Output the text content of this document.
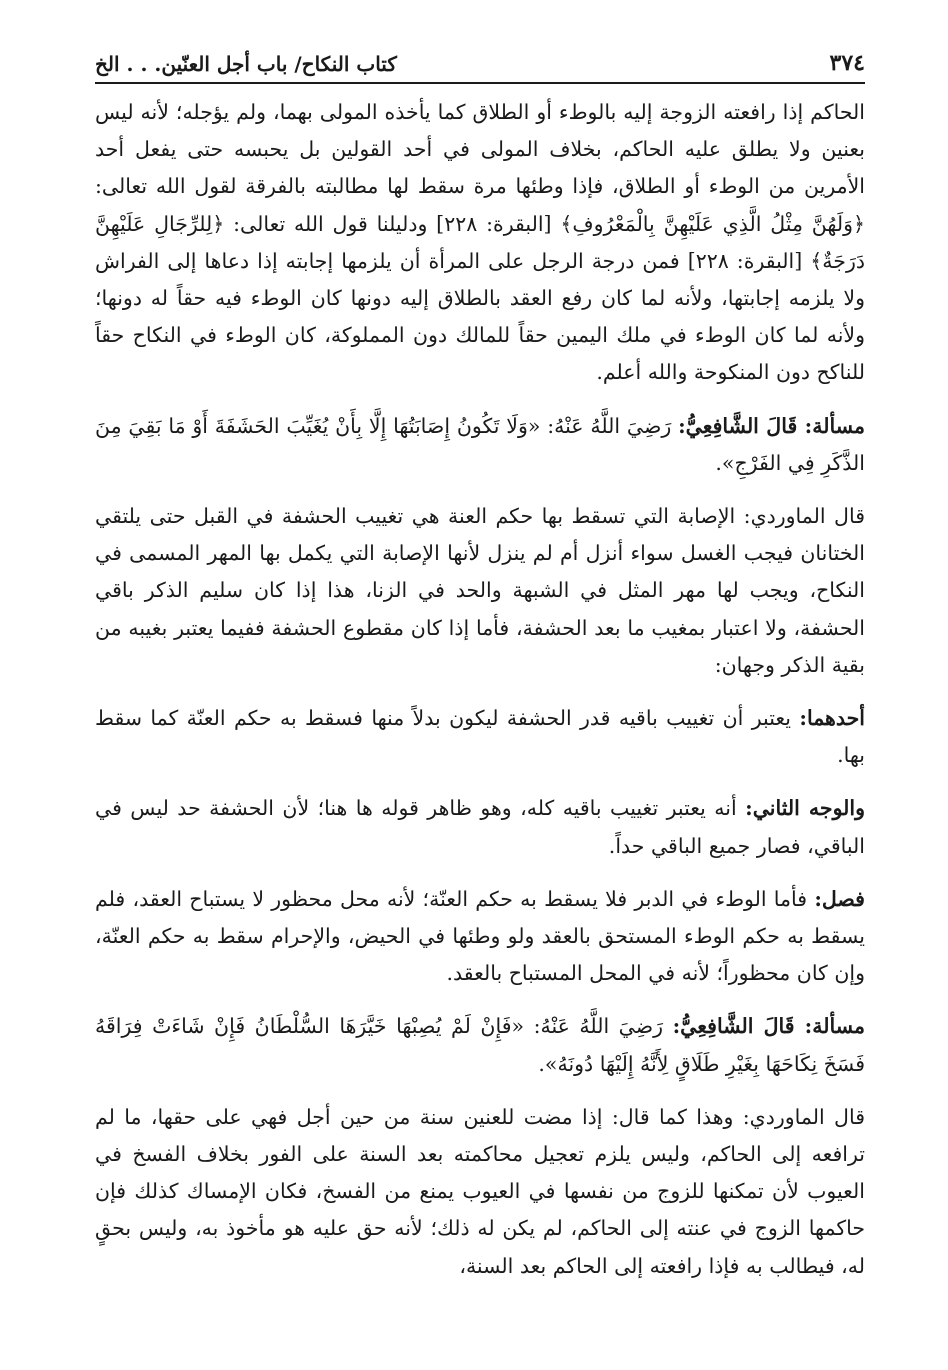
٣٧٤
كتاب النكاح/ باب أجل العنّين. . . الخ

الحاكم إذا رافعته الزوجة إليه بالوطء أو الطلاق كما يأخذه المولى بهما، ولم يؤجله؛ لأنه ليس بعنين ولا يطلق عليه الحاكم، بخلاف المولى في أحد القولين بل يحبسه حتى يفعل أحد الأمرين من الوطء أو الطلاق، فإذا وطئها مرة سقط لها مطالبته بالفرقة لقول الله تعالى: ﴿وَلَهُنَّ مِثْلُ الَّذِي عَلَيْهِنَّ بِالْمَعْرُوفِ﴾ [البقرة: ٢٢٨] ودليلنا قول الله تعالى: ﴿لِلرِّجَالِ عَلَيْهِنَّ دَرَجَةٌ﴾ [البقرة: ٢٢٨] فمن درجة الرجل على المرأة أن يلزمها إجابته إذا دعاها إلى الفراش ولا يلزمه إجابتها، ولأنه لما كان رفع العقد بالطلاق إليه دونها كان الوطء فيه حقاً له دونها؛ ولأنه لما كان الوطء في ملك اليمين حقاً للمالك دون المملوكة، كان الوطء في النكاح حقاً للناكح دون المنكوحة والله أعلم.

مسألة: قَالَ الشَّافِعِيُّ: رَضِيَ اللَّهُ عَنْهُ: «وَلَا تَكُونُ إِصَابَتُهَا إِلَّا بِأَنْ يُغَيِّبَ الحَشَفَةَ أَوْ مَا بَقِيَ مِنَ الذَّكَرِ فِي الفَرْجِ».

قال الماوردي: الإصابة التي تسقط بها حكم العنة هي تغييب الحشفة في القبل حتى يلتقي الختانان فيجب الغسل سواء أنزل أم لم ينزل لأنها الإصابة التي يكمل بها المهر المسمى في النكاح، ويجب لها مهر المثل في الشبهة والحد في الزنا، هذا إذا كان سليم الذكر باقي الحشفة، ولا اعتبار بمغيب ما بعد الحشفة، فأما إذا كان مقطوع الحشفة ففيما يعتبر بغيبه من بقية الذكر وجهان:

أحدهما: يعتبر أن تغييب باقيه قدر الحشفة ليكون بدلاً منها فسقط به حكم العنّة كما سقط بها.

والوجه الثاني: أنه يعتبر تغييب باقيه كله، وهو ظاهر قوله ها هنا؛ لأن الحشفة حد ليس في الباقي، فصار جميع الباقي حداً.

فصل: فأما الوطء في الدبر فلا يسقط به حكم العنّة؛ لأنه محل محظور لا يستباح العقد، فلم يسقط به حكم الوطء المستحق بالعقد ولو وطئها في الحيض، والإحرام سقط به حكم العنّة، وإن كان محظوراً؛ لأنه في المحل المستباح بالعقد.

مسألة: قَالَ الشَّافِعِيُّ: رَضِيَ اللَّهُ عَنْهُ: «فَإِنْ لَمْ يُصِبْهَا خَيَّرَهَا السُّلْطَانُ فَإِنْ شَاءَتْ فِرَاقَهُ فَسَخَ نِكَاحَهَا بِغَيْرِ طَلَاقٍ لِأَنَّهُ إِلَيْهَا دُونَهُ».

قال الماوردي: وهذا كما قال: إذا مضت للعنين سنة من حين أجل فهي على حقها، ما لم ترافعه إلى الحاكم، وليس يلزم تعجيل محاكمته بعد السنة على الفور بخلاف الفسخ في العيوب لأن تمكنها للزوج من نفسها في العيوب يمنع من الفسخ، فكان الإمساك كذلك فإن حاكمها الزوج في عنته إلى الحاكم، لم يكن له ذلك؛ لأنه حق عليه هو مأخوذ به، وليس بحقٍ له، فيطالب به فإذا رافعته إلى الحاكم بعد السنة،
